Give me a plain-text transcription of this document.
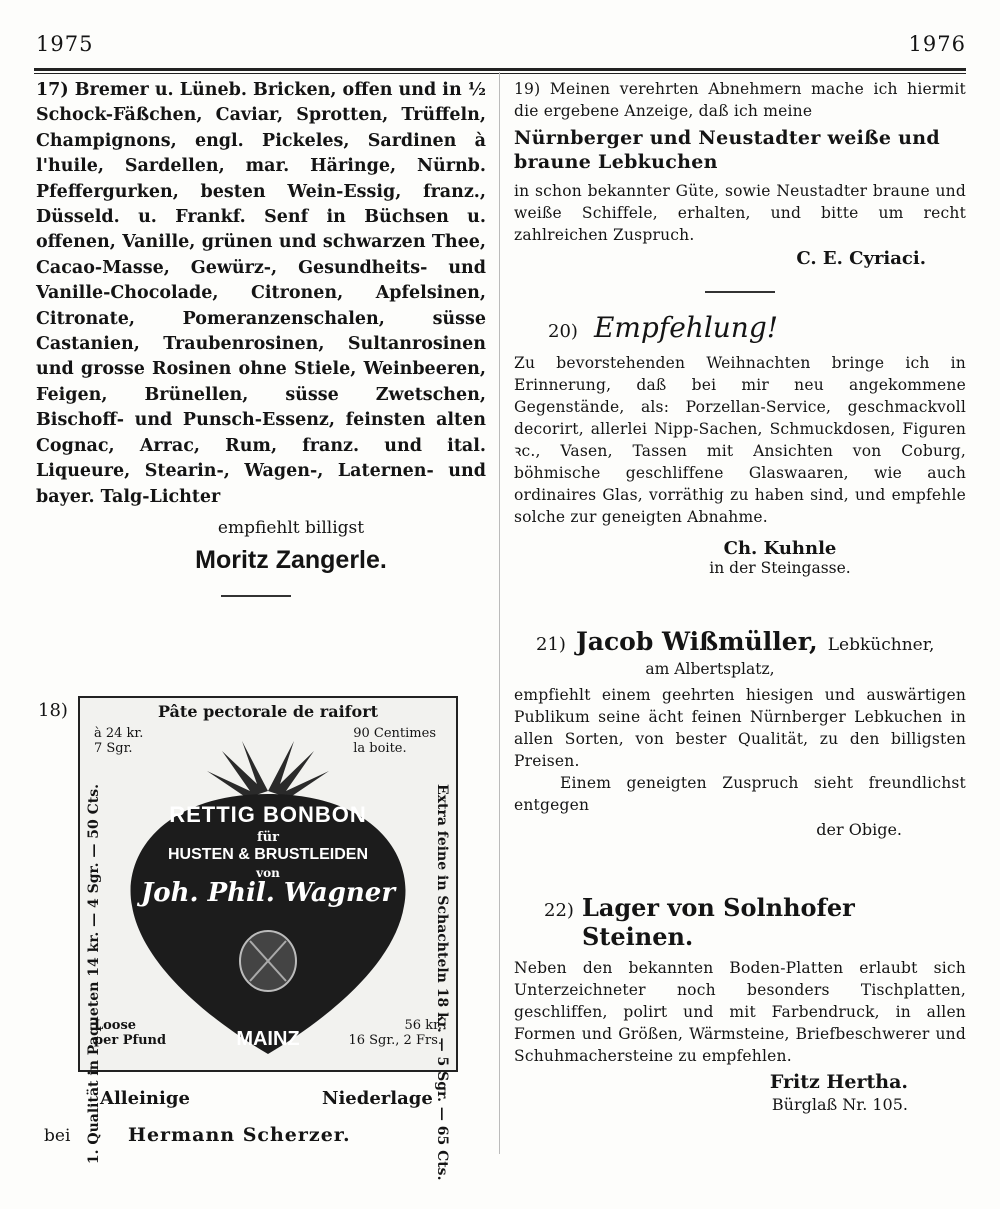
1975	1976

17) Bremer u. Lüneb. Bricken, offen und in ½ Schock-Fäßchen, Caviar, Sprotten, Trüffeln, Champignons, engl. Pickeles, Sardinen à l'huile, Sardellen, mar. Häringe, Nürnb. Pfeffergurken, besten Wein-Essig, franz., Düsseld. u. Frankf. Senf in Büchsen u. offenen, Vanille, grünen und schwarzen Thee, Cacao-Masse, Gewürz-, Gesundheits- und Vanille-Chocolade, Citronen, Apfelsinen, Citronate, Pomeranzenschalen, süsse Castanien, Traubenrosinen, Sultanrosinen und grosse Rosinen ohne Stiele, Weinbeeren, Feigen, Brünellen, süsse Zwetschen, Bischoff- und Punsch-Essenz, feinsten alten Cognac, Arrac, Rum, franz. und ital. Liqueure, Stearin-, Wagen-, Laternen- und bayer. Talg-Lichter

empfiehlt billigst
Moritz Zangerle.
18)	Pâte pectorale de raifort
à 24 kr.
7 Sgr.
90 Centimes
la boite.
RETTIG BONBON
für
HUSTEN & BRUSTLEIDEN
von
Joh. Phil. Wagner
MAINZ
1. Qualität in Paqueten 14 kr. — 4 Sgr. — 50 Cts.	Extra feine in Schachteln 18 kr. — 5 Sgr. — 65 Cts.
Loose
per Pfund
56 kr.
16 Sgr., 2 Frs.
Alleinige	Niederlage
bei	Hermann Scherzer.

19) Meinen verehrten Abnehmern mache ich hiermit die ergebene Anzeige, daß ich meine

Nürnberger und Neustadter weiße und braune Lebkuchen

in schon bekannter Güte, sowie Neustadter braune und weiße Schiffele, erhalten, und bitte um recht zahlreichen Zuspruch.

C. E. Cyriaci.
20) Empfehlung!

Zu bevorstehenden Weihnachten bringe ich in Erinnerung, daß bei mir neu angekommene Gegenstände, als: Porzellan-Service, geschmackvoll decorirt, allerlei Nipp-Sachen, Schmuckdosen, Figuren ꝛc., Vasen, Tassen mit Ansichten von Coburg, böhmische geschliffene Glaswaaren, wie auch ordinaires Glas, vorräthig zu haben sind, und empfehle solche zur geneigten Abnahme.

Ch. Kuhnle
in der Steingasse.
21) Jacob Wißmüller, Lebküchner,
am Albertsplatz,

empfiehlt einem geehrten hiesigen und auswärtigen Publikum seine ächt feinen Nürnberger Lebkuchen in allen Sorten, von bester Qualität, zu den billigsten Preisen.

Einem geneigten Zuspruch sieht freundlichst entgegen

der Obige.
22) Lager von Solnhofer Steinen.

Neben den bekannten Boden-Platten erlaubt sich Unterzeichneter noch besonders Tischplatten, geschliffen, polirt und mit Farbendruck, in allen Formen und Größen, Wärmsteine, Briefbeschwerer und Schuhmachersteine zu empfehlen.

Fritz Hertha.
Bürglaß Nr. 105.
